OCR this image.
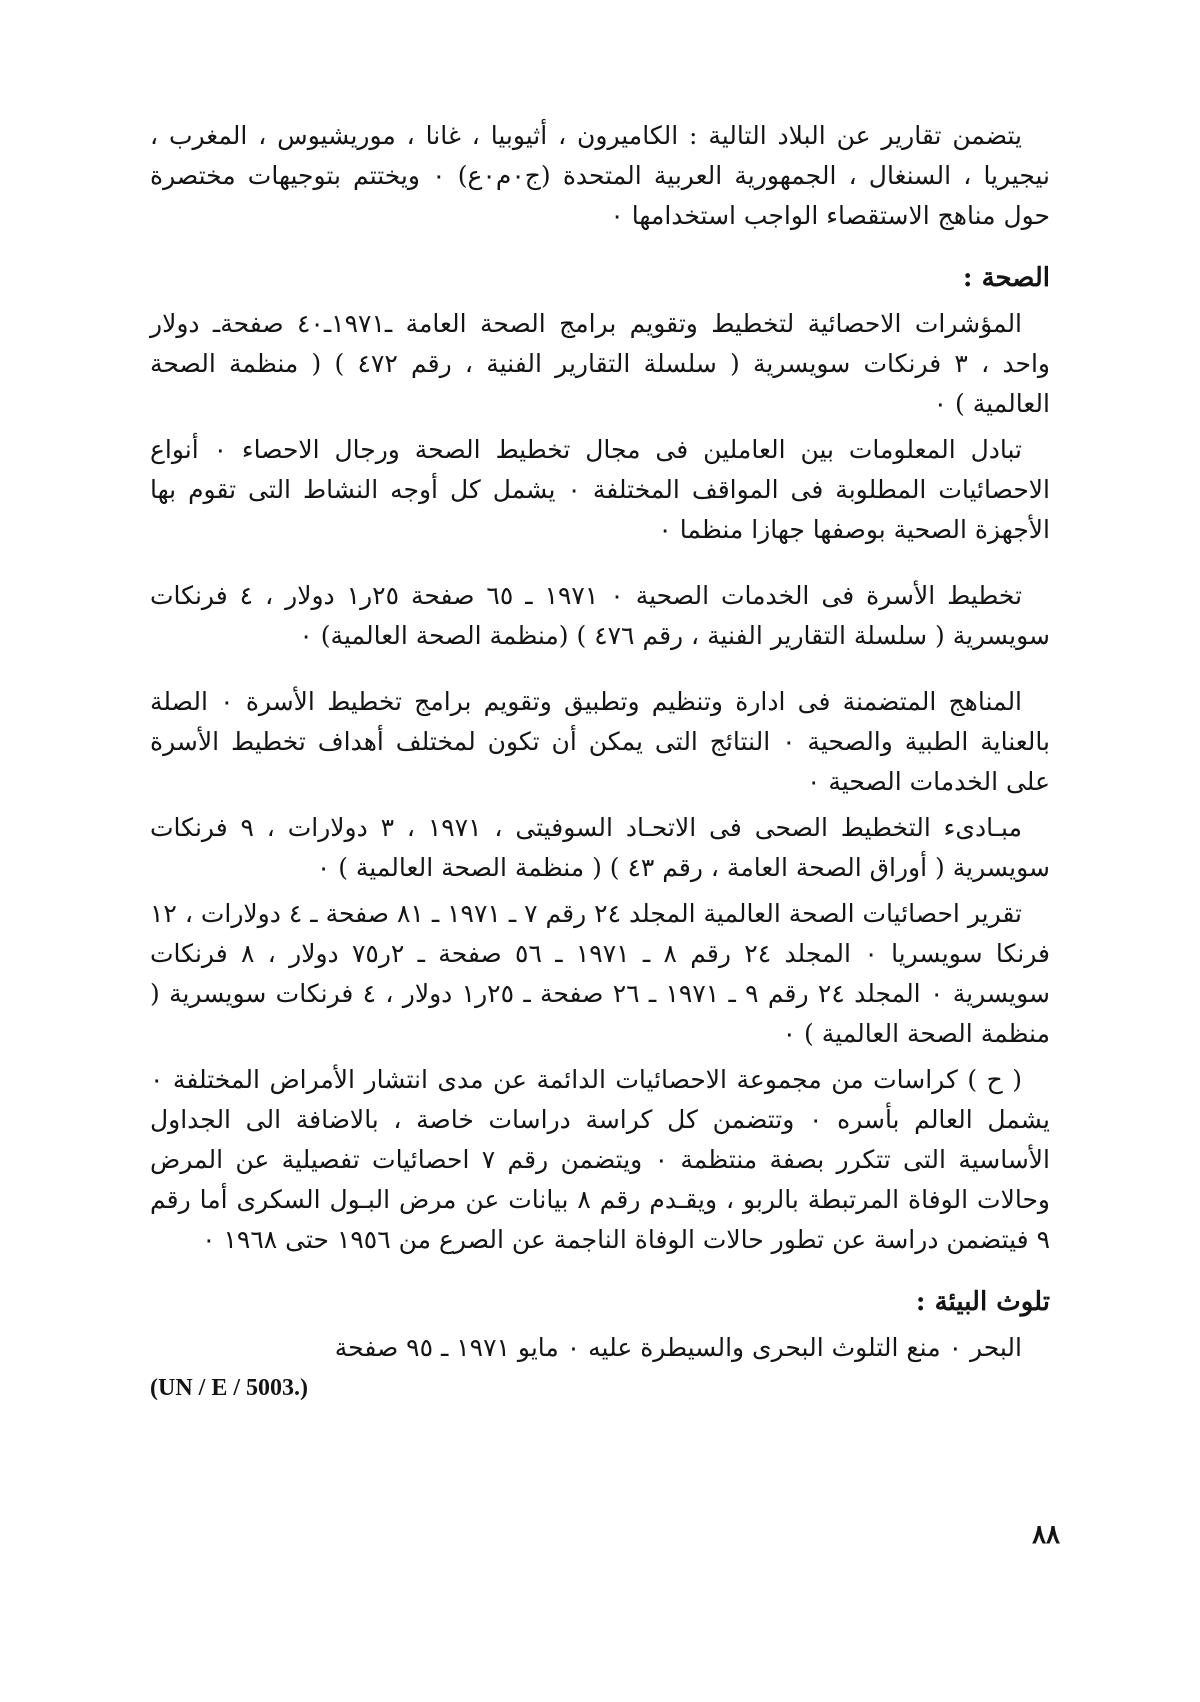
يتضمن تقارير عن البلاد التالية : الكاميرون ، أثيوبيا ، غانا ، موريشيوس ، المغرب ، نيجيريا ، السنغال ، الجمهورية العربية المتحدة (ج٠م٠ع) ٠ ويختتم بتوجيهات مختصرة حول مناهج الاستقصاء الواجب استخدامها ٠

الصحة :

المؤشرات الاحصائية لتخطيط وتقويم برامج الصحة العامة ـ١٩٧١ـ٤٠ صفحةـ دولار واحد ، ٣ فرنكات سويسرية ( سلسلة التقارير الفنية ، رقم ٤٧٢ ) ( منظمة الصحة العالمية ) ٠

تبادل المعلومات بين العاملين فى مجال تخطيط الصحة ورجال الاحصاء ٠ أنواع الاحصائيات المطلوبة فى المواقف المختلفة ٠ يشمل كل أوجه النشاط التى تقوم بها الأجهزة الصحية بوصفها جهازا منظما ٠

تخطيط الأسرة فى الخدمات الصحية ٠ ١٩٧١ ـ ٦٥ صفحة ٢٥ر١ دولار ، ٤ فرنكات سويسرية ( سلسلة التقارير الفنية ، رقم ٤٧٦ ) (منظمة الصحة العالمية) ٠

المناهج المتضمنة فى ادارة وتنظيم وتطبيق وتقويم برامج تخطيط الأسرة ٠ الصلة بالعناية الطبية والصحية ٠ النتائج التى يمكن أن تكون لمختلف أهداف تخطيط الأسرة على الخدمات الصحية ٠

مبـادىء التخطيط الصحى فى الاتحـاد السوفيتى ، ١٩٧١ ، ٣ دولارات ، ٩ فرنكات سويسرية ( أوراق الصحة العامة ، رقم ٤٣ ) ( منظمة الصحة العالمية ) ٠

تقرير احصائيات الصحة العالمية المجلد ٢٤ رقم ٧ ـ ١٩٧١ ـ ٨١ صفحة ـ ٤ دولارات ، ١٢ فرنكا سويسريا ٠ المجلد ٢٤ رقم ٨ ـ ١٩٧١ ـ ٥٦ صفحة ـ ٢ر٧٥ دولار ، ٨ فرنكات سويسرية ٠ المجلد ٢٤ رقم ٩ ـ ١٩٧١ ـ ٢٦ صفحة ـ ٢٥ر١ دولار ، ٤ فرنكات سويسرية ( منظمة الصحة العالمية ) ٠

( ح ) كراسات من مجموعة الاحصائيات الدائمة عن مدى انتشار الأمراض المختلفة ٠ يشمل العالم بأسره ٠ وتتضمن كل كراسة دراسات خاصة ، بالاضافة الى الجداول الأساسية التى تتكرر بصفة منتظمة ٠ ويتضمن رقم ٧ احصائيات تفصيلية عن المرض وحالات الوفاة المرتبطة بالربو ، ويقـدم رقم ٨ بيانات عن مرض البـول السكرى أما رقم ٩ فيتضمن دراسة عن تطور حالات الوفاة الناجمة عن الصرع من ١٩٥٦ حتى ١٩٦٨ ٠

تلوث البيئة :

البحر ٠ منع التلوث البحرى والسيطرة عليه ٠ مايو ١٩٧١ ـ ٩٥ صفحة

(UN / E / 5003.)
٨٨
